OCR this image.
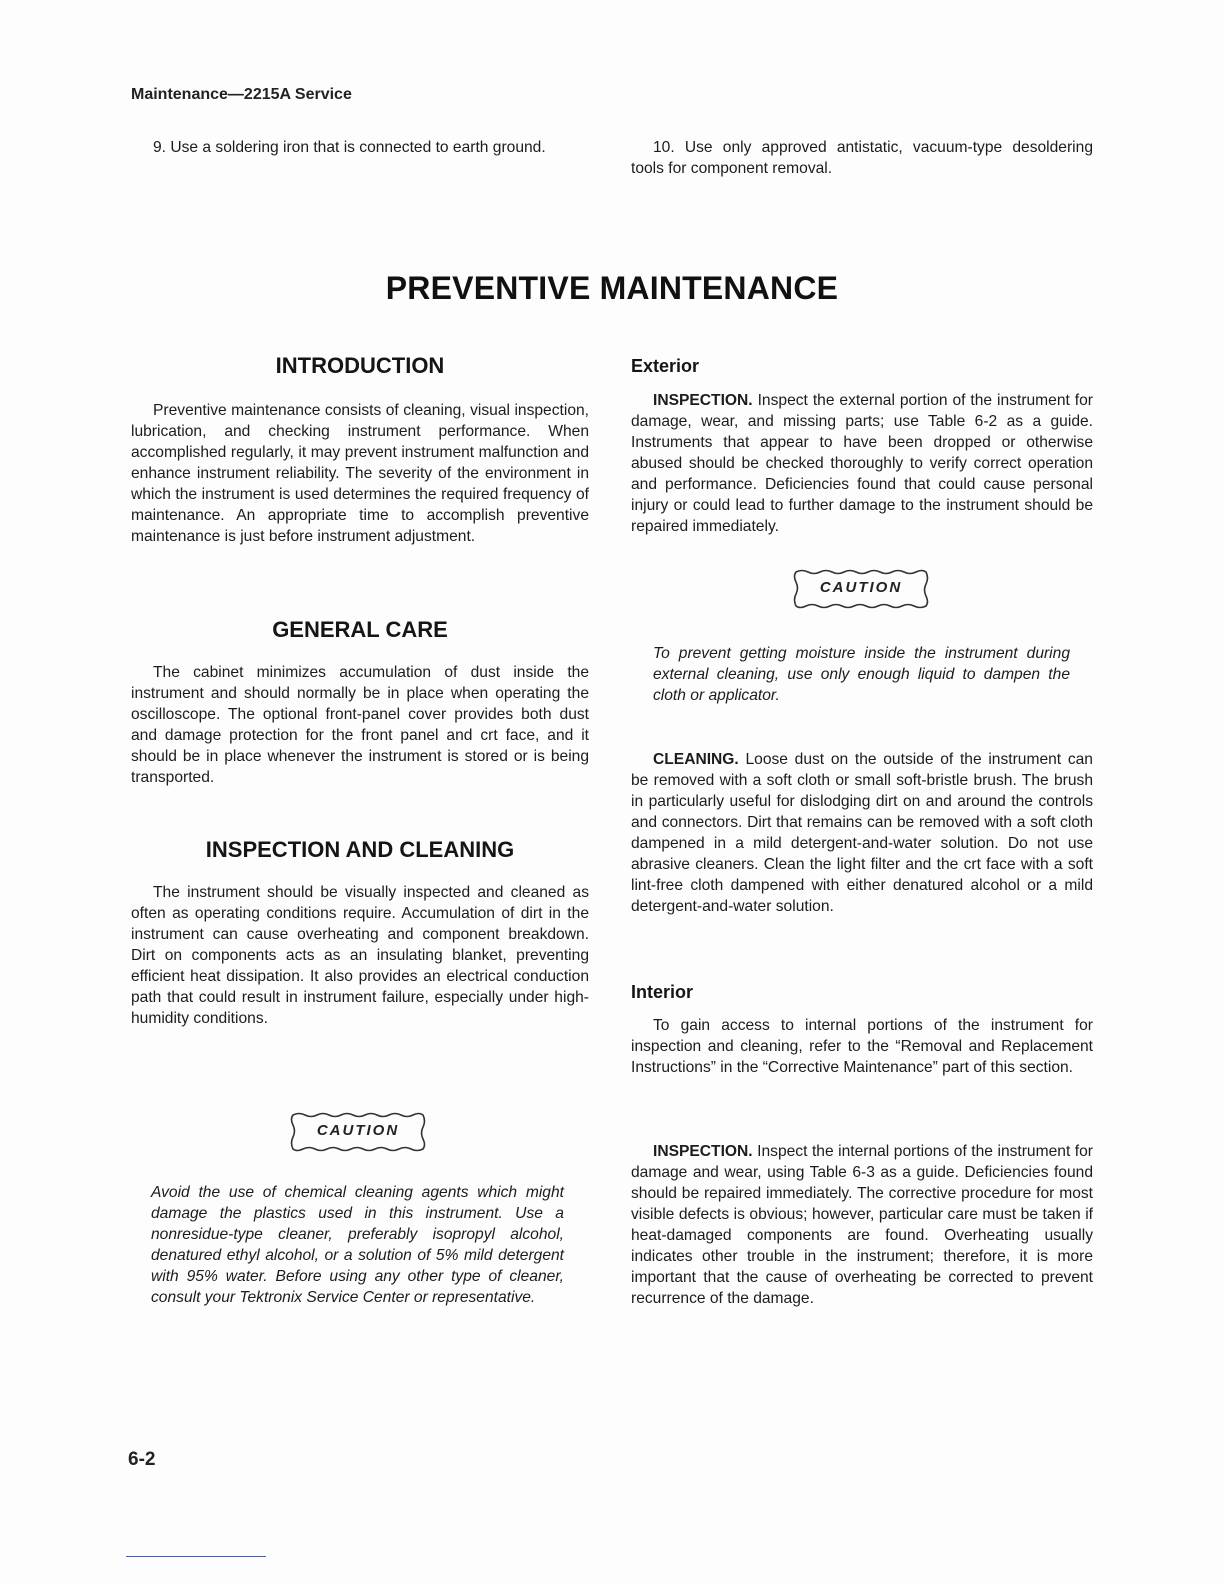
Maintenance—2215A Service

9. Use a soldering iron that is connected to earth ground.	10. Use only approved antistatic, vacuum-type desoldering tools for component removal.

PREVENTIVE MAINTENANCE
INTRODUCTION

Preventive maintenance consists of cleaning, visual inspection, lubrication, and checking instrument performance. When accomplished regularly, it may prevent instrument malfunction and enhance instrument reliability. The severity of the environment in which the instrument is used determines the required frequency of maintenance. An appropriate time to accomplish preventive maintenance is just before instrument adjustment.

GENERAL CARE

The cabinet minimizes accumulation of dust inside the instrument and should normally be in place when operating the oscilloscope. The optional front-panel cover provides both dust and damage protection for the front panel and crt face, and it should be in place whenever the instrument is stored or is being transported.

INSPECTION AND CLEANING

The instrument should be visually inspected and cleaned as often as operating conditions require. Accumulation of dirt in the instrument can cause overheating and component breakdown. Dirt on components acts as an insulating blanket, preventing efficient heat dissipation. It also provides an electrical conduction path that could result in instrument failure, especially under high-humidity conditions.

CAUTION

Avoid the use of chemical cleaning agents which might damage the plastics used in this instrument. Use a nonresidue-type cleaner, preferably isopropyl alcohol, denatured ethyl alcohol, or a solution of 5% mild detergent with 95% water. Before using any other type of cleaner, consult your Tektronix Service Center or representative.

Exterior

INSPECTION. Inspect the external portion of the instrument for damage, wear, and missing parts; use Table 6-2 as a guide. Instruments that appear to have been dropped or otherwise abused should be checked thoroughly to verify correct operation and performance. Deficiencies found that could cause personal injury or could lead to further damage to the instrument should be repaired immediately.

CAUTION

To prevent getting moisture inside the instrument during external cleaning, use only enough liquid to dampen the cloth or applicator.

CLEANING. Loose dust on the outside of the instrument can be removed with a soft cloth or small soft-bristle brush. The brush in particularly useful for dislodging dirt on and around the controls and connectors. Dirt that remains can be removed with a soft cloth dampened in a mild detergent-and-water solution. Do not use abrasive cleaners. Clean the light filter and the crt face with a soft lint-free cloth dampened with either denatured alcohol or a mild detergent-and-water solution.

Interior

To gain access to internal portions of the instrument for inspection and cleaning, refer to the “Removal and Replacement Instructions” in the “Corrective Maintenance” part of this section.

INSPECTION. Inspect the internal portions of the instrument for damage and wear, using Table 6-3 as a guide. Deficiencies found should be repaired immediately. The corrective procedure for most visible defects is obvious; however, particular care must be taken if heat-damaged components are found. Overheating usually indicates other trouble in the instrument; therefore, it is more important that the cause of overheating be corrected to prevent recurrence of the damage.

6-2
